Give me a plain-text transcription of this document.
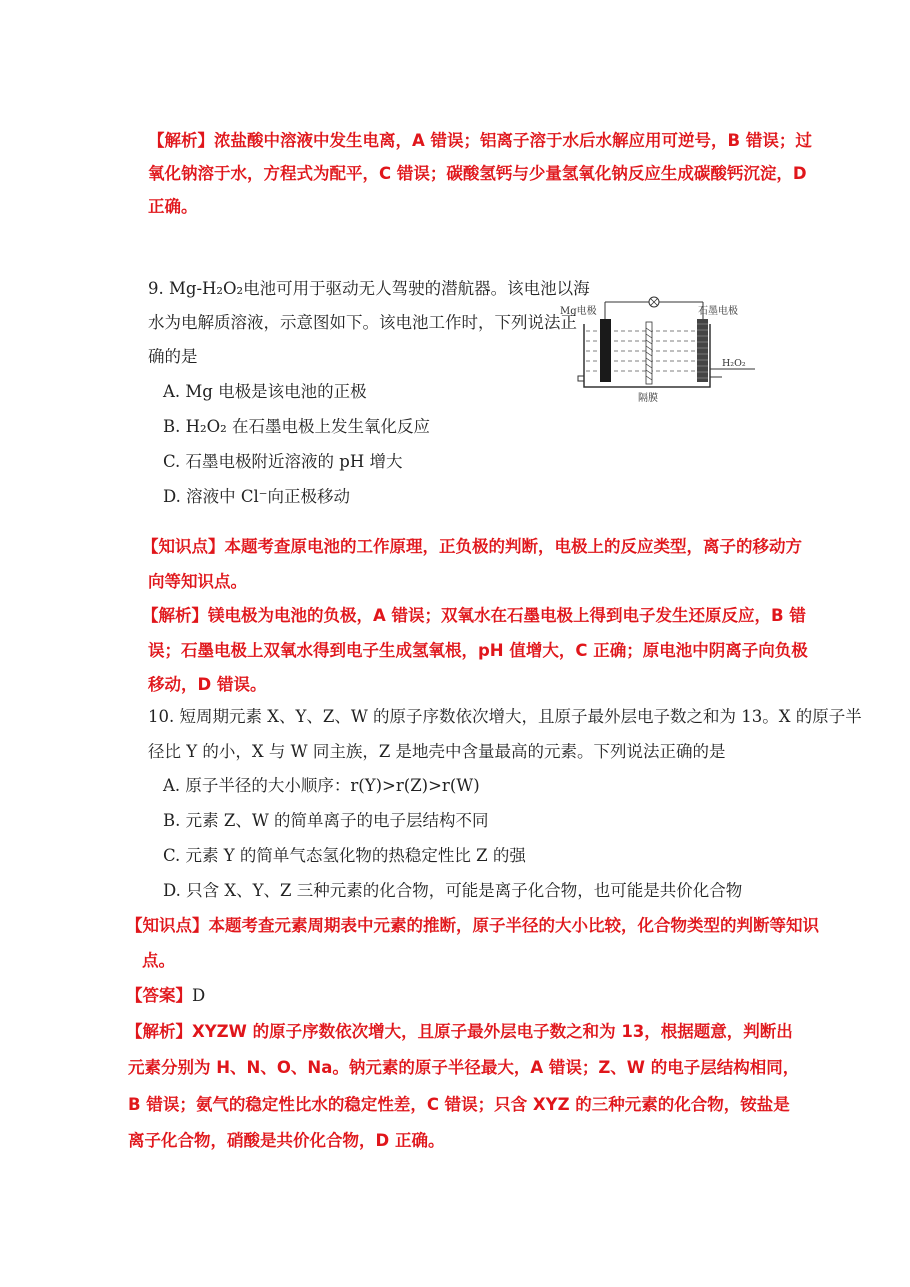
【解析】浓盐酸中溶液中发生电离，A 错误；铝离子溶于水后水解应用可逆号，B 错误；过
氧化钠溶于水，方程式为配平，C 错误；碳酸氢钙与少量氢氧化钠反应生成碳酸钙沉淀，D
正确。
9. Mg-H₂O₂电池可用于驱动无人驾驶的潜航器。该电池以海
水为电解质溶液，示意图如下。该电池工作时，下列说法正
确的是
A. Mg 电极是该电池的正极
B. H₂O₂ 在石墨电极上发生氧化反应
C. 石墨电极附近溶液的 pH 增大
D. 溶液中 Cl⁻向正极移动
Mg电极	石墨电极
H₂O₂
隔膜
【知识点】本题考查原电池的工作原理，正负极的判断，电极上的反应类型，离子的移动方
向等知识点。
【解析】镁电极为电池的负极，A 错误；双氧水在石墨电极上得到电子发生还原反应，B 错
误；石墨电极上双氧水得到电子生成氢氧根，pH 值增大，C 正确；原电池中阴离子向负极
移动，D 错误。
10. 短周期元素 X、Y、Z、W 的原子序数依次增大，且原子最外层电子数之和为 13。X 的原子半
径比 Y 的小，X 与 W 同主族，Z 是地壳中含量最高的元素。下列说法正确的是
A. 原子半径的大小顺序：r(Y)>r(Z)>r(W)
B. 元素 Z、W 的简单离子的电子层结构不同
C. 元素 Y 的简单气态氢化物的热稳定性比 Z 的强
D. 只含 X、Y、Z 三种元素的化合物，可能是离子化合物，也可能是共价化合物
【知识点】本题考查元素周期表中元素的推断，原子半径的大小比较，化合物类型的判断等知识
点。
【答案】D
【解析】XYZW 的原子序数依次增大，且原子最外层电子数之和为 13，根据题意，判断出
元素分别为 H、N、O、Na。钠元素的原子半径最大，A 错误；Z、W 的电子层结构相同，
B 错误；氨气的稳定性比水的稳定性差，C 错误；只含 XYZ 的三种元素的化合物，铵盐是
离子化合物，硝酸是共价化合物，D 正确。
